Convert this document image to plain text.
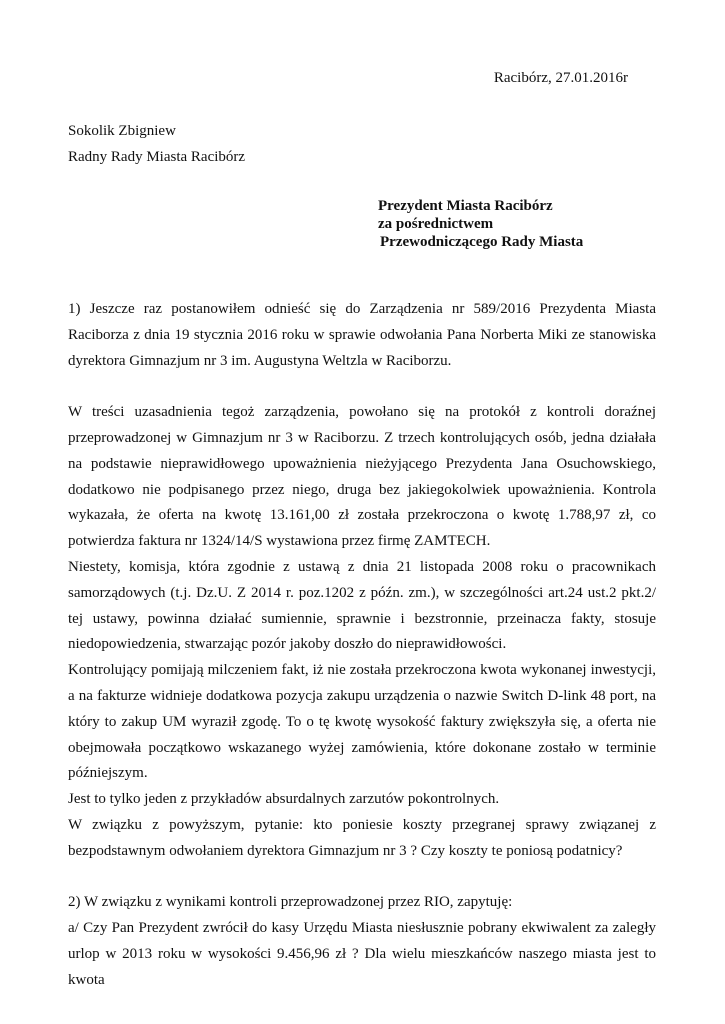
Racibórz, 27.01.2016r
Sokolik Zbigniew
Radny Rady Miasta Racibórz
Prezydent Miasta Racibórz
za pośrednictwem
Przewodniczącego Rady Miasta

1) Jeszcze raz postanowiłem odnieść się do Zarządzenia nr 589/2016 Prezydenta Miasta Raciborza z dnia 19 stycznia 2016 roku w sprawie odwołania Pana Norberta Miki ze stanowiska dyrektora Gimnazjum nr 3 im. Augustyna Weltzla w Raciborzu.

W treści uzasadnienia tegoż zarządzenia, powołano się na protokół z kontroli doraźnej przeprowadzonej w Gimnazjum nr 3 w Raciborzu. Z trzech kontrolujących osób, jedna działała na podstawie nieprawidłowego upoważnienia nieżyjącego Prezydenta Jana Osuchowskiego, dodatkowo nie podpisanego przez niego, druga bez jakiegokolwiek upoważnienia. Kontrola wykazała, że oferta na kwotę 13.161,00 zł została przekroczona o kwotę 1.788,97 zł, co potwierdza faktura nr 1324/14/S wystawiona przez firmę ZAMTECH.

Niestety, komisja, która zgodnie z ustawą z dnia 21 listopada 2008 roku o pracownikach samorządowych (t.j. Dz.U. Z 2014 r. poz.1202 z późn. zm.), w szczególności art.24 ust.2 pkt.2/ tej ustawy, powinna działać sumiennie, sprawnie i bezstronnie, przeinacza fakty, stosuje niedopowiedzenia, stwarzając pozór jakoby doszło do nieprawidłowości.

Kontrolujący pomijają milczeniem fakt, iż nie została przekroczona kwota wykonanej inwestycji, a na fakturze widnieje dodatkowa pozycja zakupu urządzenia o nazwie Switch D-link 48 port, na który to zakup UM wyraził zgodę. To o tę kwotę wysokość faktury zwiększyła się, a oferta nie obejmowała początkowo wskazanego wyżej zamówienia, które dokonane zostało w terminie późniejszym.

Jest to tylko jeden z przykładów absurdalnych zarzutów pokontrolnych.

W związku z powyższym, pytanie: kto poniesie koszty przegranej sprawy związanej z bezpodstawnym odwołaniem dyrektora Gimnazjum nr 3 ? Czy koszty te poniosą podatnicy?

2) W związku z wynikami kontroli przeprowadzonej przez RIO, zapytuję:

a/ Czy Pan Prezydent zwrócił do kasy Urzędu Miasta niesłusznie pobrany ekwiwalent za zaległy urlop w 2013 roku w wysokości 9.456,96 zł ? Dla wielu mieszkańców naszego miasta jest to kwota
